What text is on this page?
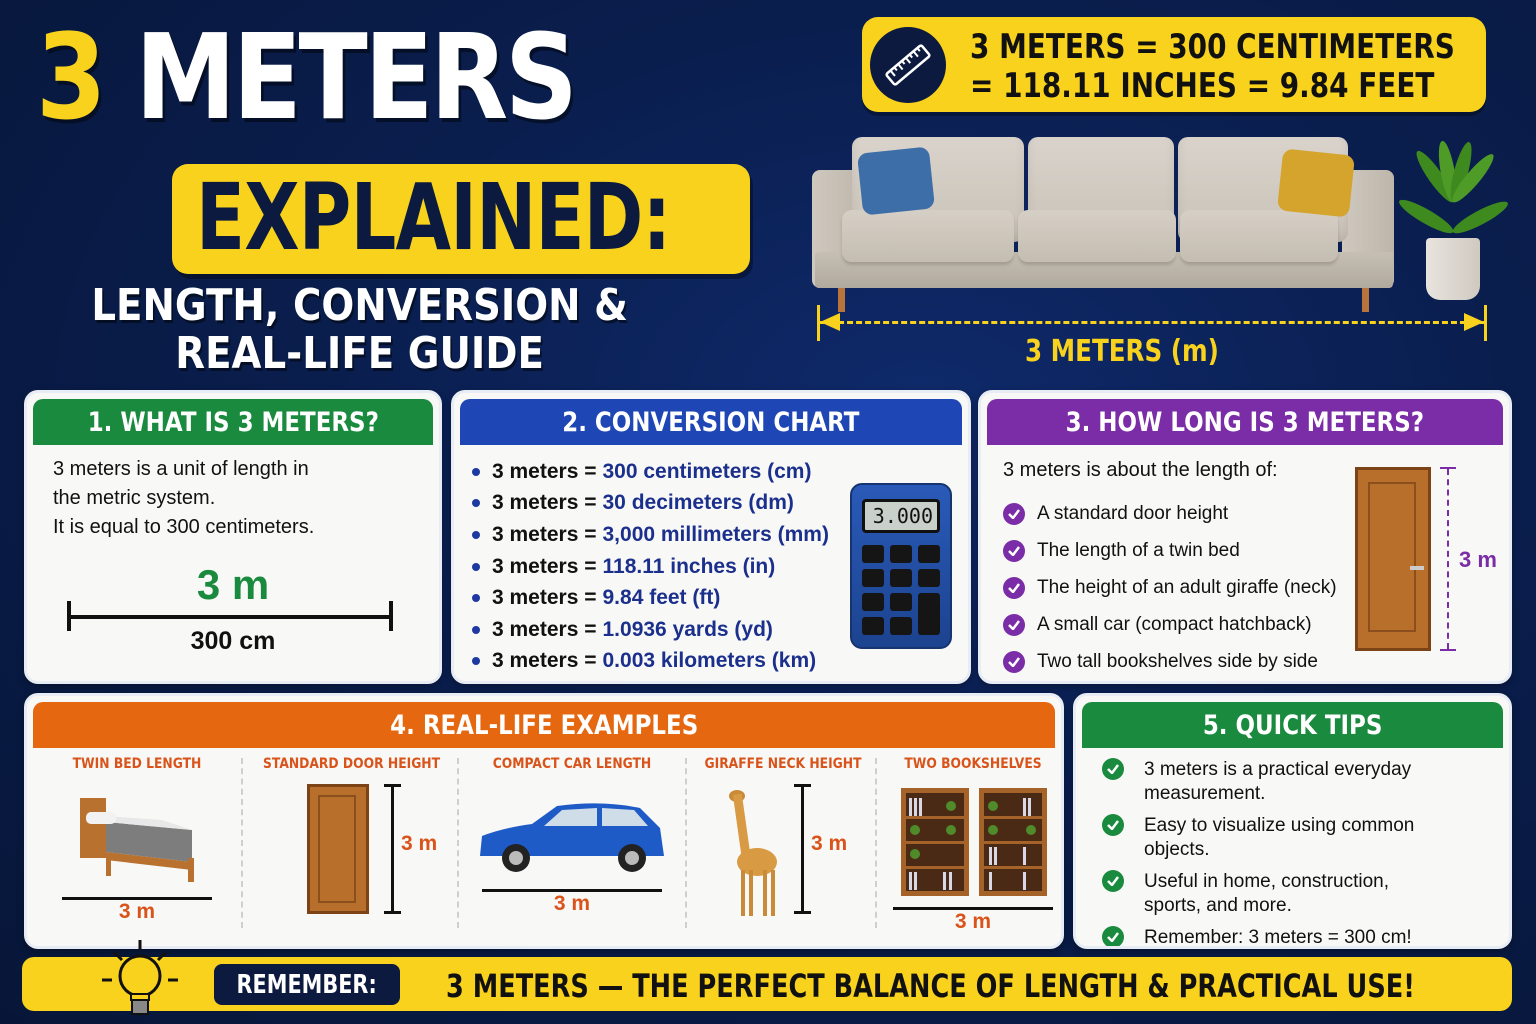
3 METERS
EXPLAINED:
LENGTH, CONVERSION &
REAL-LIFE GUIDE
3 METERS = 300 CENTIMETERS
= 118.11 INCHES = 9.84 FEET
3 METERS (m)
1. WHAT IS 3 METERS?
3 meters is a unit of length in
the metric system.
It is equal to 300 centimeters.
3 m
300 cm
2. CONVERSION CHART
3 meters = 300 centimeters (cm)
3 meters = 30 decimeters (dm)
3 meters = 3,000 millimeters (mm)
3 meters = 118.11 inches (in)
3 meters = 9.84 feet (ft)
3 meters = 1.0936 yards (yd)
3 meters = 0.003 kilometers (km)
3.000
3. HOW LONG IS 3 METERS?
3 meters is about the length of:
A standard door height
The length of a twin bed
The height of an adult giraffe (neck)
A small car (compact hatchback)
Two tall bookshelves side by side
3 m
4. REAL-LIFE EXAMPLES
TWIN BED LENGTH
3 m
STANDARD DOOR HEIGHT
3 m
COMPACT CAR LENGTH
3 m
GIRAFFE NECK HEIGHT
3 m
TWO BOOKSHELVES
3 m
5. QUICK TIPS
3 meters is a practical everyday
measurement.
Easy to visualize using common
objects.
Useful in home, construction,
sports, and more.
Remember: 3 meters = 300 cm!
REMEMBER: 3 METERS — THE PERFECT BALANCE OF LENGTH & PRACTICAL USE!
